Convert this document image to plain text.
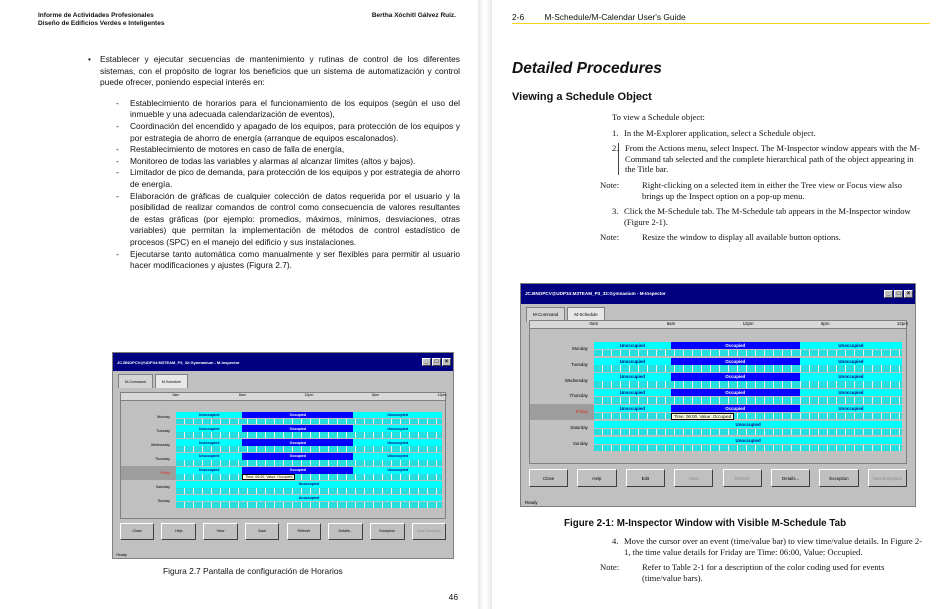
Informe de Actividades Profesionales
Diseño de Edificios Verdes e Inteligentes
Bertha Xóchitl Gálvez Ruiz.
•	Establecer y ejecutar secuencias de mantenimiento y rutinas de control de los diferentes sistemas, con el propósito de lograr los beneficios que un sistema de automatización y control puede ofrecer, poniendo especial interés en:
-	Establecimiento de horarios para el funcionamiento de los equipos (según el uso del inmueble y una adecuada calendarización de eventos),
-	Coordinación del encendido y apagado de los equipos, para protección de los equipos y por estrategia de ahorro de energía (arranque de equipos escalonados).
-	Restablecimiento de motores en caso de falla de energía,
-	Monitoreo de todas las variables y alarmas al alcanzar límites (altos y bajos).
-	Limitador de pico de demanda, para protección de los equipos y por estrategia de ahorro de energía.
-	Elaboración de gráficas de cualquier colección de datos requerida por el usuario y la posibilidad de realizar comandos de control como consecuencia de valores resultantes de estas gráficas (por ejemplo: promedios, máximos, mínimos, desviaciones, otras variables) que permitan la implementación de métodos de control estadístico de procesos (SPC) en el manejo del edificio y sus instalaciones.
-	Ejecutarse tanto automática como manualmente y ser flexibles para permitir al usuario hacer modificaciones y ajustes (Figura 2.7).
JC.BNOPCV@UDP34:M3TEAM_P3_32:Gymnasium - M-Inspector	_	□	×
M-Command	M-Schedule
0am	6am	12pm	6pm	12pm
Monday
Unoccupied	Occupied	Unoccupied
Tuesday
Unoccupied	Occupied	Unoccupied
Wednesday
Unoccupied	Occupied	Unoccupied
Thursday
Unoccupied	Occupied	Unoccupied
Friday
Unoccupied	Occupied	Unoccupied
Time: 06:00, Value: Occupied
Saturday
Unoccupied
Sunday
Unoccupied
Close	Help	View	Save	Refresh	Details...	Exception	New Exception
Ready
Figura 2.7 Pantalla de configuración de Horarios
46
2-6 M-Schedule/M-Calendar User's Guide
Detailed Procedures
Viewing a Schedule Object
To view a Schedule object:
1. In the M-Explorer application, select a Schedule object.
2. From the Actions menu, select Inspect. The M-Inspector window appears with the M-Command tab selected and the complete hierarchical path of the object appearing in the Title bar.
Note:	Right-clicking on a selected item in either the Tree view or Focus view also brings up the Inspect option on a pop-up menu.
3. Click the M-Schedule tab. The M-Schedule tab appears in the M-Inspector window (Figure 2-1).
Note:	Resize the window to display all available button options.
JC.BNOPCV@UDP34:M3TEAM_P3_32:Gymnasium - M-Inspector	_	□	×
M-Command	M-Schedule
0am	6am	12pm	6pm	12pm
Monday
Unoccupied	Occupied	Unoccupied
Tuesday
Unoccupied	Occupied	Unoccupied
Wednesday
Unoccupied	Occupied	Unoccupied
Thursday
Unoccupied	Occupied	Unoccupied
Friday
Unoccupied	Occupied	Unoccupied
Time: 06:00, Value: Occupied
Saturday
Unoccupied
Sunday
Unoccupied
Close	Help	Edit	Save	Refresh	Details...	Exception	New Exception
Ready
Figure 2-1: M-Inspector Window with Visible M-Schedule Tab
4. Move the cursor over an event (time/value bar) to view time/value details. In Figure 2-1, the time value details for Friday are Time: 06:00, Value: Occupied.
Note:	Refer to Table 2-1 for a description of the color coding used for events (time/value bars).
